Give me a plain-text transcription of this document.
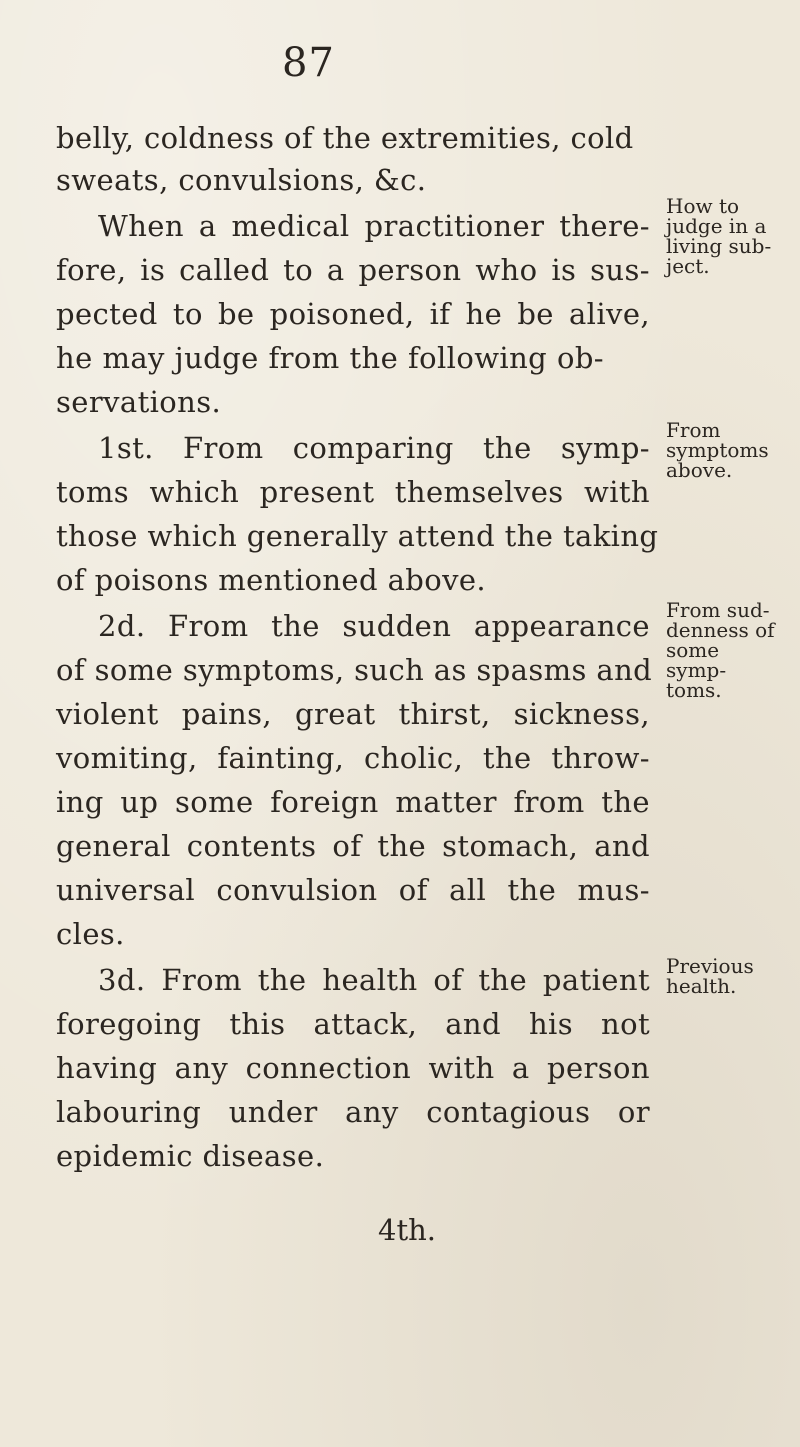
87
belly, coldness of the extremities, cold
sweats, convulsions, &c.
When a medical practitioner there-
fore, is called to a person who is sus-
pected to be poisoned, if he be alive,
he may judge from the following ob-
servations.
1st. From comparing the symp-
toms which present themselves with
those which generally attend the taking
of poisons mentioned above.
2d. From the sudden appearance
of some symptoms, such as spasms and
violent pains, great thirst, sickness,
vomiting, fainting, cholic, the throw-
ing up some foreign matter from the
general contents of the stomach, and
universal convulsion of all the mus-
cles.
3d. From the health of the patient
foregoing this attack, and his not
having any connection with a person
labouring under any contagious or
epidemic disease.
How to
judge in a
living sub-
ject.
From
symptoms
above.
From sud-
denness of
some
symp-
toms.
Previous
health.
4th.
